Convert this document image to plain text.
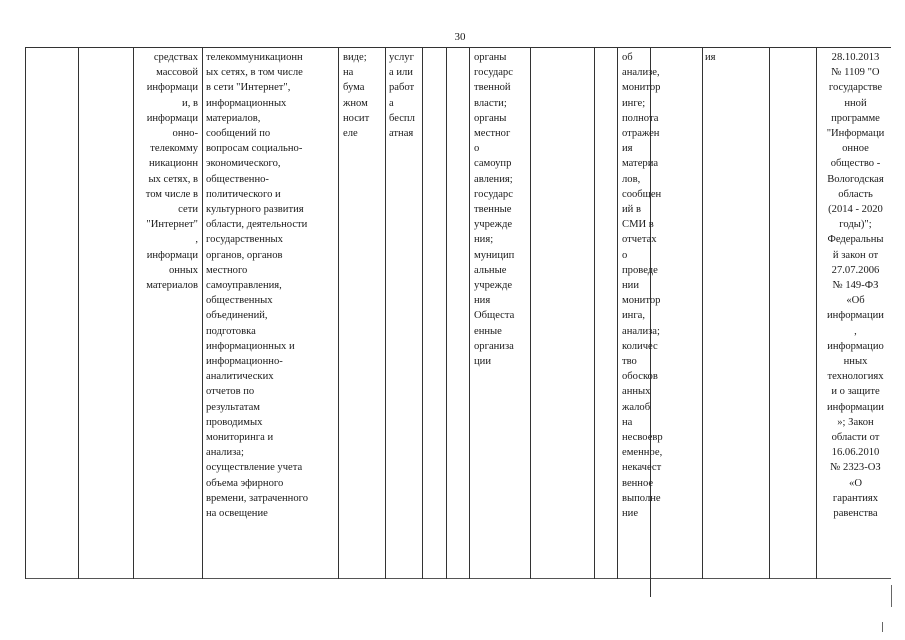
30
средствах
массовой
информаци
и, в
информаци
онно-
телекомму
никационн
ых сетях, в
том числе в
сети
"Интернет"
,
информаци
онных
материалов
телекоммуникационн
ых сетях, в том числе
в сети "Интернет",
информационных
материалов,
сообщений по
вопросам социально-
экономического,
общественно-
политического и
культурного развития
области, деятельности
государственных
органов, органов
местного
самоуправления,
общественных
объединений,
подготовка
информационных и
информационно-
аналитических
отчетов по
результатам
проводимых
мониторинга и
анализа;
осуществление учета
объема эфирного
времени, затраченного
на освещение
виде;
на
бума
жном
носит
еле
услуг
а или
работ
а
беспл
атная
органы
государс
твенной
власти;
органы
местног
о
самоупр
авления;
государс
твенные
учрежде
ния;
муницип
альные
учрежде
ния
Общеста
енные
организа
ции
об
анализе,
монитор
инге;
полнота
отражен
ия
материа
лов,
сообщен
ий в
СМИ в
отчетах
о
проведе
нии
монитор
инга,
анализа;
количес
тво
обосков
анных
жалоб
на
несвоевр
еменное,
некачест
венное
выполне
ние
ия	28.10.2013
№ 1109 "О
государстве
нной
программе
"Информаци
онное
общество -
Вологодская
область
(2014 - 2020
годы)";
Федеральны
й закон от
27.07.2006
№ 149-ФЗ
«Об
информации
,
информацио
нных
технологиях
и о защите
информации
»; Закон
области от
16.06.2010
№ 2323-ОЗ
«О
гарантиях
равенства
